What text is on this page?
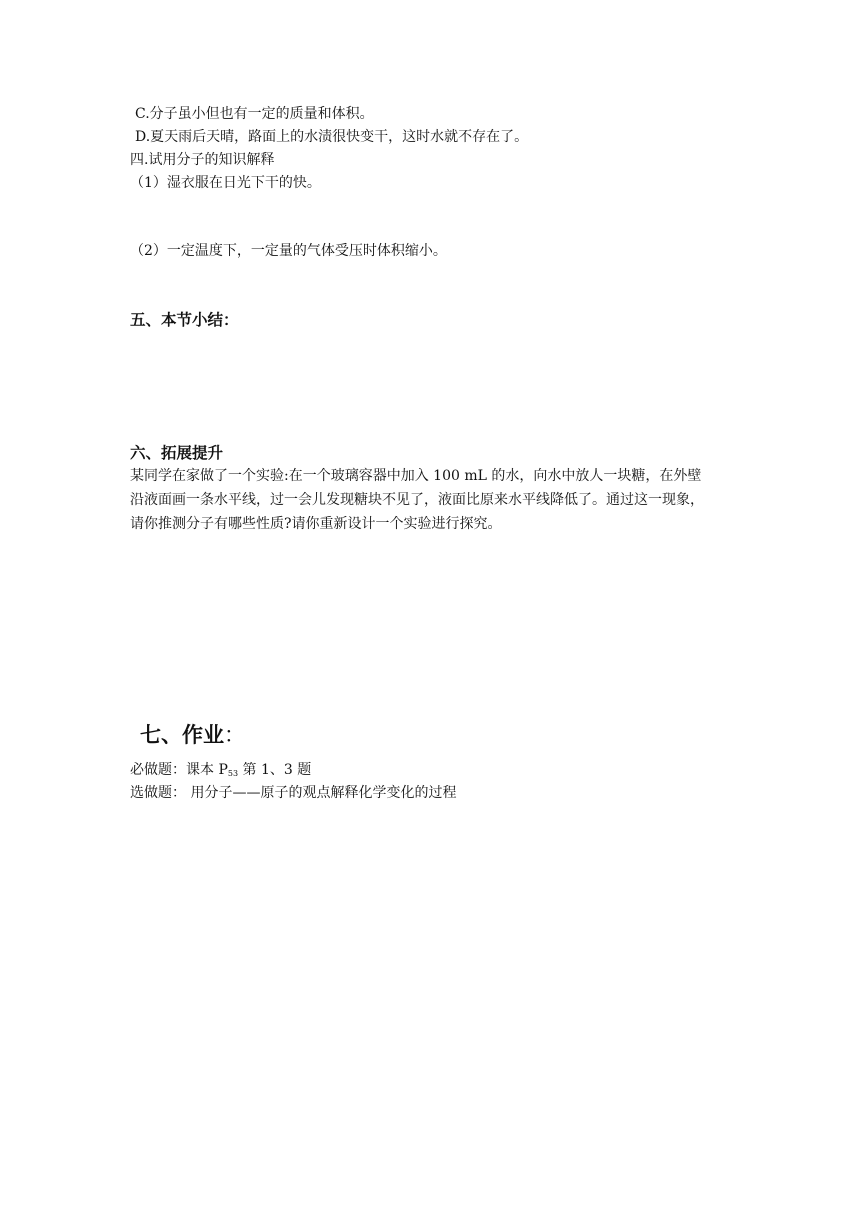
C.分子虽小但也有一定的质量和体积。
D.夏天雨后天晴，路面上的水渍很快变干，这时水就不存在了。
四.试用分子的知识解释
（1）湿衣服在日光下干的快。
（2）一定温度下，一定量的气体受压时体积缩小。
五、本节小结：
六、拓展提升
某同学在家做了一个实验:在一个玻璃容器中加入 100 mL 的水，向水中放人一块糖，在外壁
沿液面画一条水平线，过一会儿发现糖块不见了，液面比原来水平线降低了。通过这一现象，
请你推测分子有哪些性质?请你重新设计一个实验进行探究。
七、作业：
必做题：课本 $P_{53}$ 第 1、3 题
选做题： 用分子——原子的观点解释化学变化的过程
